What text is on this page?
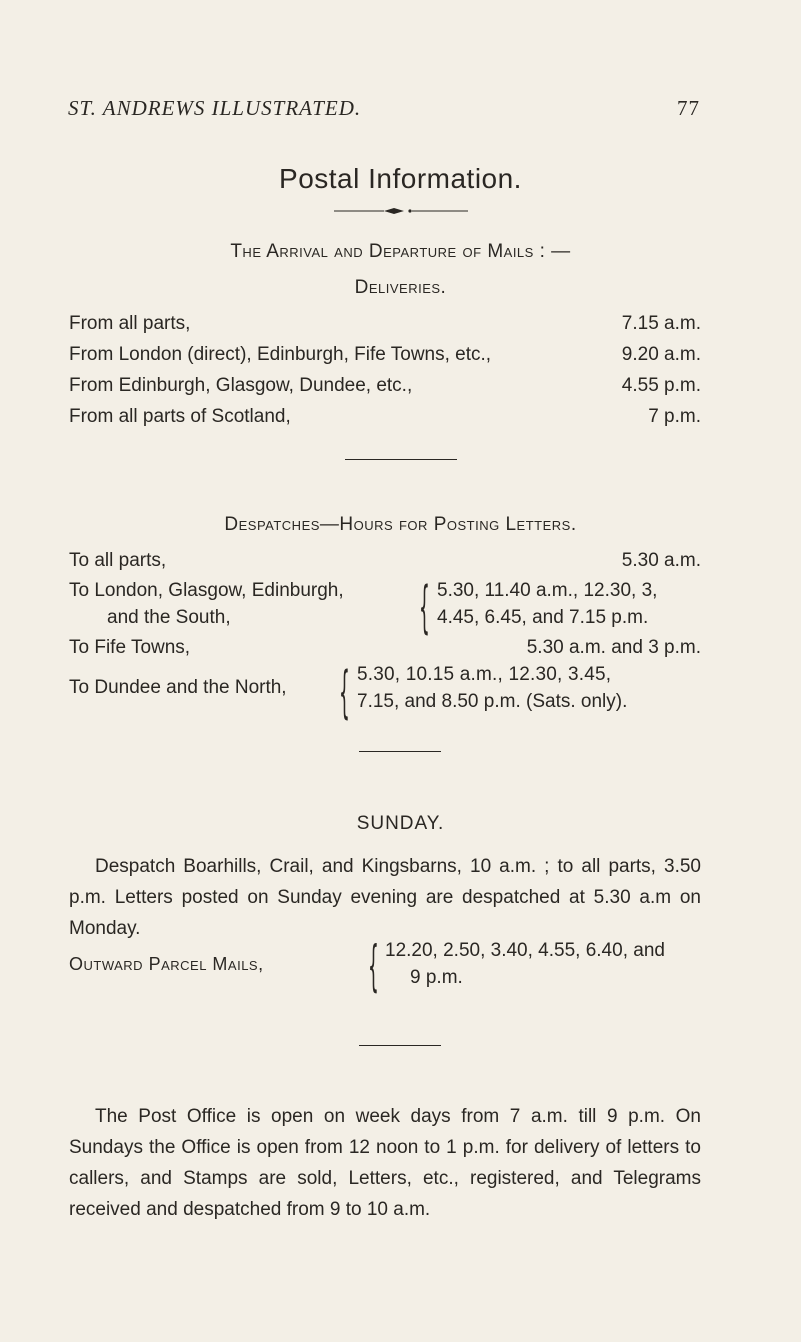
ST. ANDREWS ILLUSTRATED.	77
Postal Information.
The Arrival and Departure of Mails : —
Deliveries.
From all parts,	7.15 a.m.
From London (direct), Edinburgh, Fife Towns, etc.,	9.20 a.m.
From Edinburgh, Glasgow, Dundee, etc.,	4.55 p.m.
From all parts of Scotland,	7 p.m.
Despatches—Hours for Posting Letters.
To all parts,	5.30 a.m.
To London, Glasgow, Edinburgh,
and the South,	{ 5.30, 11.40 a.m., 12.30, 3,
4.45, 6.45, and 7.15 p.m.
To Fife Towns,	5.30 a.m. and 3 p.m.
To Dundee and the North, { 5.30, 10.15 a.m., 12.30, 3.45,
7.15, and 8.50 p.m. (Sats. only).
SUNDAY.
Despatch Boarhills, Crail, and Kingsbarns, 10 a.m. ; to all parts, 3.50 p.m. Letters posted on Sunday evening are despatched at 5.30 a.m on Monday.
Outward Parcel Mails,	{ 12.20, 2.50, 3.40, 4.55, 6.40, and
9 p.m.
The Post Office is open on week days from 7 a.m. till 9 p.m. On Sundays the Office is open from 12 noon to 1 p.m. for delivery of letters to callers, and Stamps are sold, Letters, etc., registered, and Telegrams received and despatched from 9 to 10 a.m.
